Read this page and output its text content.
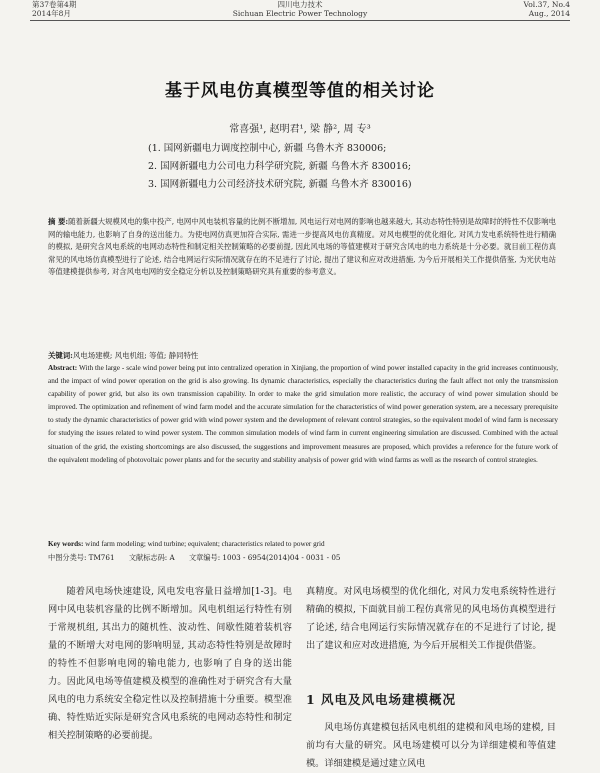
第37卷第4期
2014年8月
四川电力技术
Sichuan Electric Power Technology
Vol.37, No.4
Aug., 2014
基于风电仿真模型等值的相关讨论
常喜强¹, 赵明君¹, 梁 静², 周 专³
(1. 国网新疆电力调度控制中心, 新疆 乌鲁木齐 830006;
2. 国网新疆电力公司电力科学研究院, 新疆 乌鲁木齐 830016;
3. 国网新疆电力公司经济技术研究院, 新疆 乌鲁木齐 830016)
摘 要:随着新疆大规模风电的集中投产, 电网中风电装机容量的比例不断增加, 风电运行对电网的影响也越来越大, 其动态特性特别是故障时的特性不仅影响电网的输电能力, 也影响了自身的送出能力。为使电网仿真更加符合实际, 需进一步提高风电仿真精度。对风电模型的优化细化, 对风力发电系统特性进行精确的模拟, 是研究含风电系统的电网动态特性和制定相关控制策略的必要前提, 因此风电场的等值建模对于研究含风电的电力系统是十分必要。就目前工程仿真常见的风电场仿真模型进行了论述, 结合电网运行实际情况就存在的不足进行了讨论, 提出了建议和应对改进措施, 为今后开展相关工作提供借鉴, 为光伏电站等值建模提供参考, 对含风电电网的安全稳定分析以及控制策略研究具有重要的参考意义。
关键词:风电场建模; 风电机组; 等值; 静同特性
Abstract: With the large - scale wind power being put into centralized operation in Xinjiang, the proportion of wind power installed capacity in the grid increases continuously, and the impact of wind power operation on the grid is also growing. Its dynamic characteristics, especially the characteristics during the fault affect not only the transmission capability of power grid, but also its own transmission capability. In order to make the grid simulation more realistic, the accuracy of wind power simulation should be improved. The optimization and refinement of wind farm model and the accurate simulation for the characteristics of wind power generation system, are a necessary prerequisite to study the dynamic characteristics of power grid with wind power system and the development of relevant control strategies, so the equivalent model of wind farm is necessary for studying the issues related to wind power system. The common simulation models of wind farm in current engineering simulation are discussed. Combined with the actual situation of the grid, the existing shortcomings are also discussed, the suggestions and improvement measures are proposed, which provides a reference for the future work of the equivalent modeling of photovoltaic power plants and for the security and stability analysis of power grid with wind farms as well as the research of control strategies.
Key words: wind farm modeling; wind turbine; equivalent; characteristics related to power grid
中图分类号: TM761 文献标志码: A 文章编号: 1003 - 6954(2014)04 - 0031 - 05
随着风电场快速建设, 风电发电容量日益增加[1-3]。电网中风电装机容量的比例不断增加。风电机组运行特性有别于常规机组, 其出力的随机性、波动性、间歇性随着装机容量的不断增大对电网的影响明显, 其动态特性特别是故障时的特性不但影响电网的输电能力, 也影响了自身的送出能力。因此风电场等值建模及模型的准确性对于研究含有大量风电的电力系统安全稳定性以及控制措施十分重要。模型准确、特性贴近实际是研究含风电系统的电网动态特性和制定相关控制策略的必要前提。
真精度。对风电场模型的优化细化, 对风力发电系统特性进行精确的模拟, 下面就目前工程仿真常见的风电场仿真模型进行了论述, 结合电网运行实际情况就存在的不足进行了讨论, 提出了建议和应对改进措施, 为今后开展相关工作提供借鉴。
1 风电及风电场建模概况
风电场仿真建模包括风电机组的建模和风电场的建模, 目前均有大量的研究。风电场建模可以分为详细建模和等值建模。详细建模是通过建立风电
